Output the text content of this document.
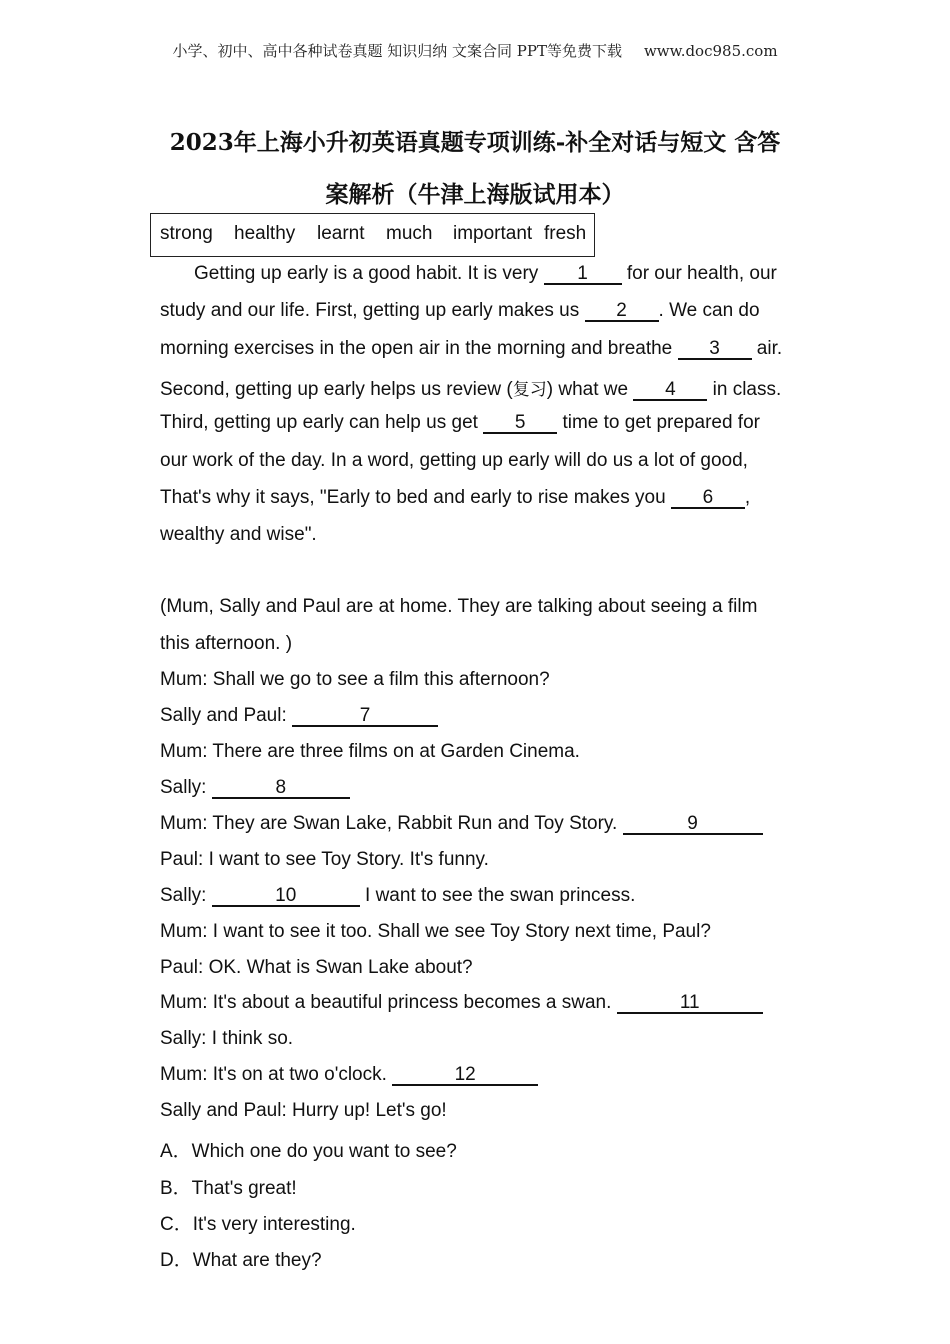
小学、初中、高中各种试卷真题 知识归纳 文案合同 PPT等免费下载 www.doc985.com
2023年上海小升初英语真题专项训练-补全对话与短文 含答
案解析（牛津上海版试用本）
strong healthy learnt much important fresh
Getting up early is a good habit. It is very 1 for our health, our
study and our life. First, getting up early makes us 2 . We can do
morning exercises in the open air in the morning and breathe 3 air.
Second, getting up early helps us review (复习) what we 4 in class.
Third, getting up early can help us get 5 time to get prepared for
our work of the day. In a word, getting up early will do us a lot of good,
That's why it says, "Early to bed and early to rise makes you 6 ,
wealthy and wise".
(Mum, Sally and Paul are at home. They are talking about seeing a film
this afternoon. )
Mum: Shall we go to see a film this afternoon?
Sally and Paul:	7
Mum: There are three films on at Garden Cinema.
Sally:	8
Mum: They are Swan Lake, Rabbit Run and Toy Story.	9
Paul: I want to see Toy Story. It's funny.
Sally:	10	I want to see the swan princess.
Mum: I want to see it too. Shall we see Toy Story next time, Paul?
Paul: OK. What is Swan Lake about?
Mum: It's about a beautiful princess becomes a swan.	11
Sally: I think so.
Mum: It's on at two o'clock.	12
Sally and Paul: Hurry up! Let's go!
A．Which one do you want to see?
B．That's great!
C．It's very interesting.
D．What are they?
